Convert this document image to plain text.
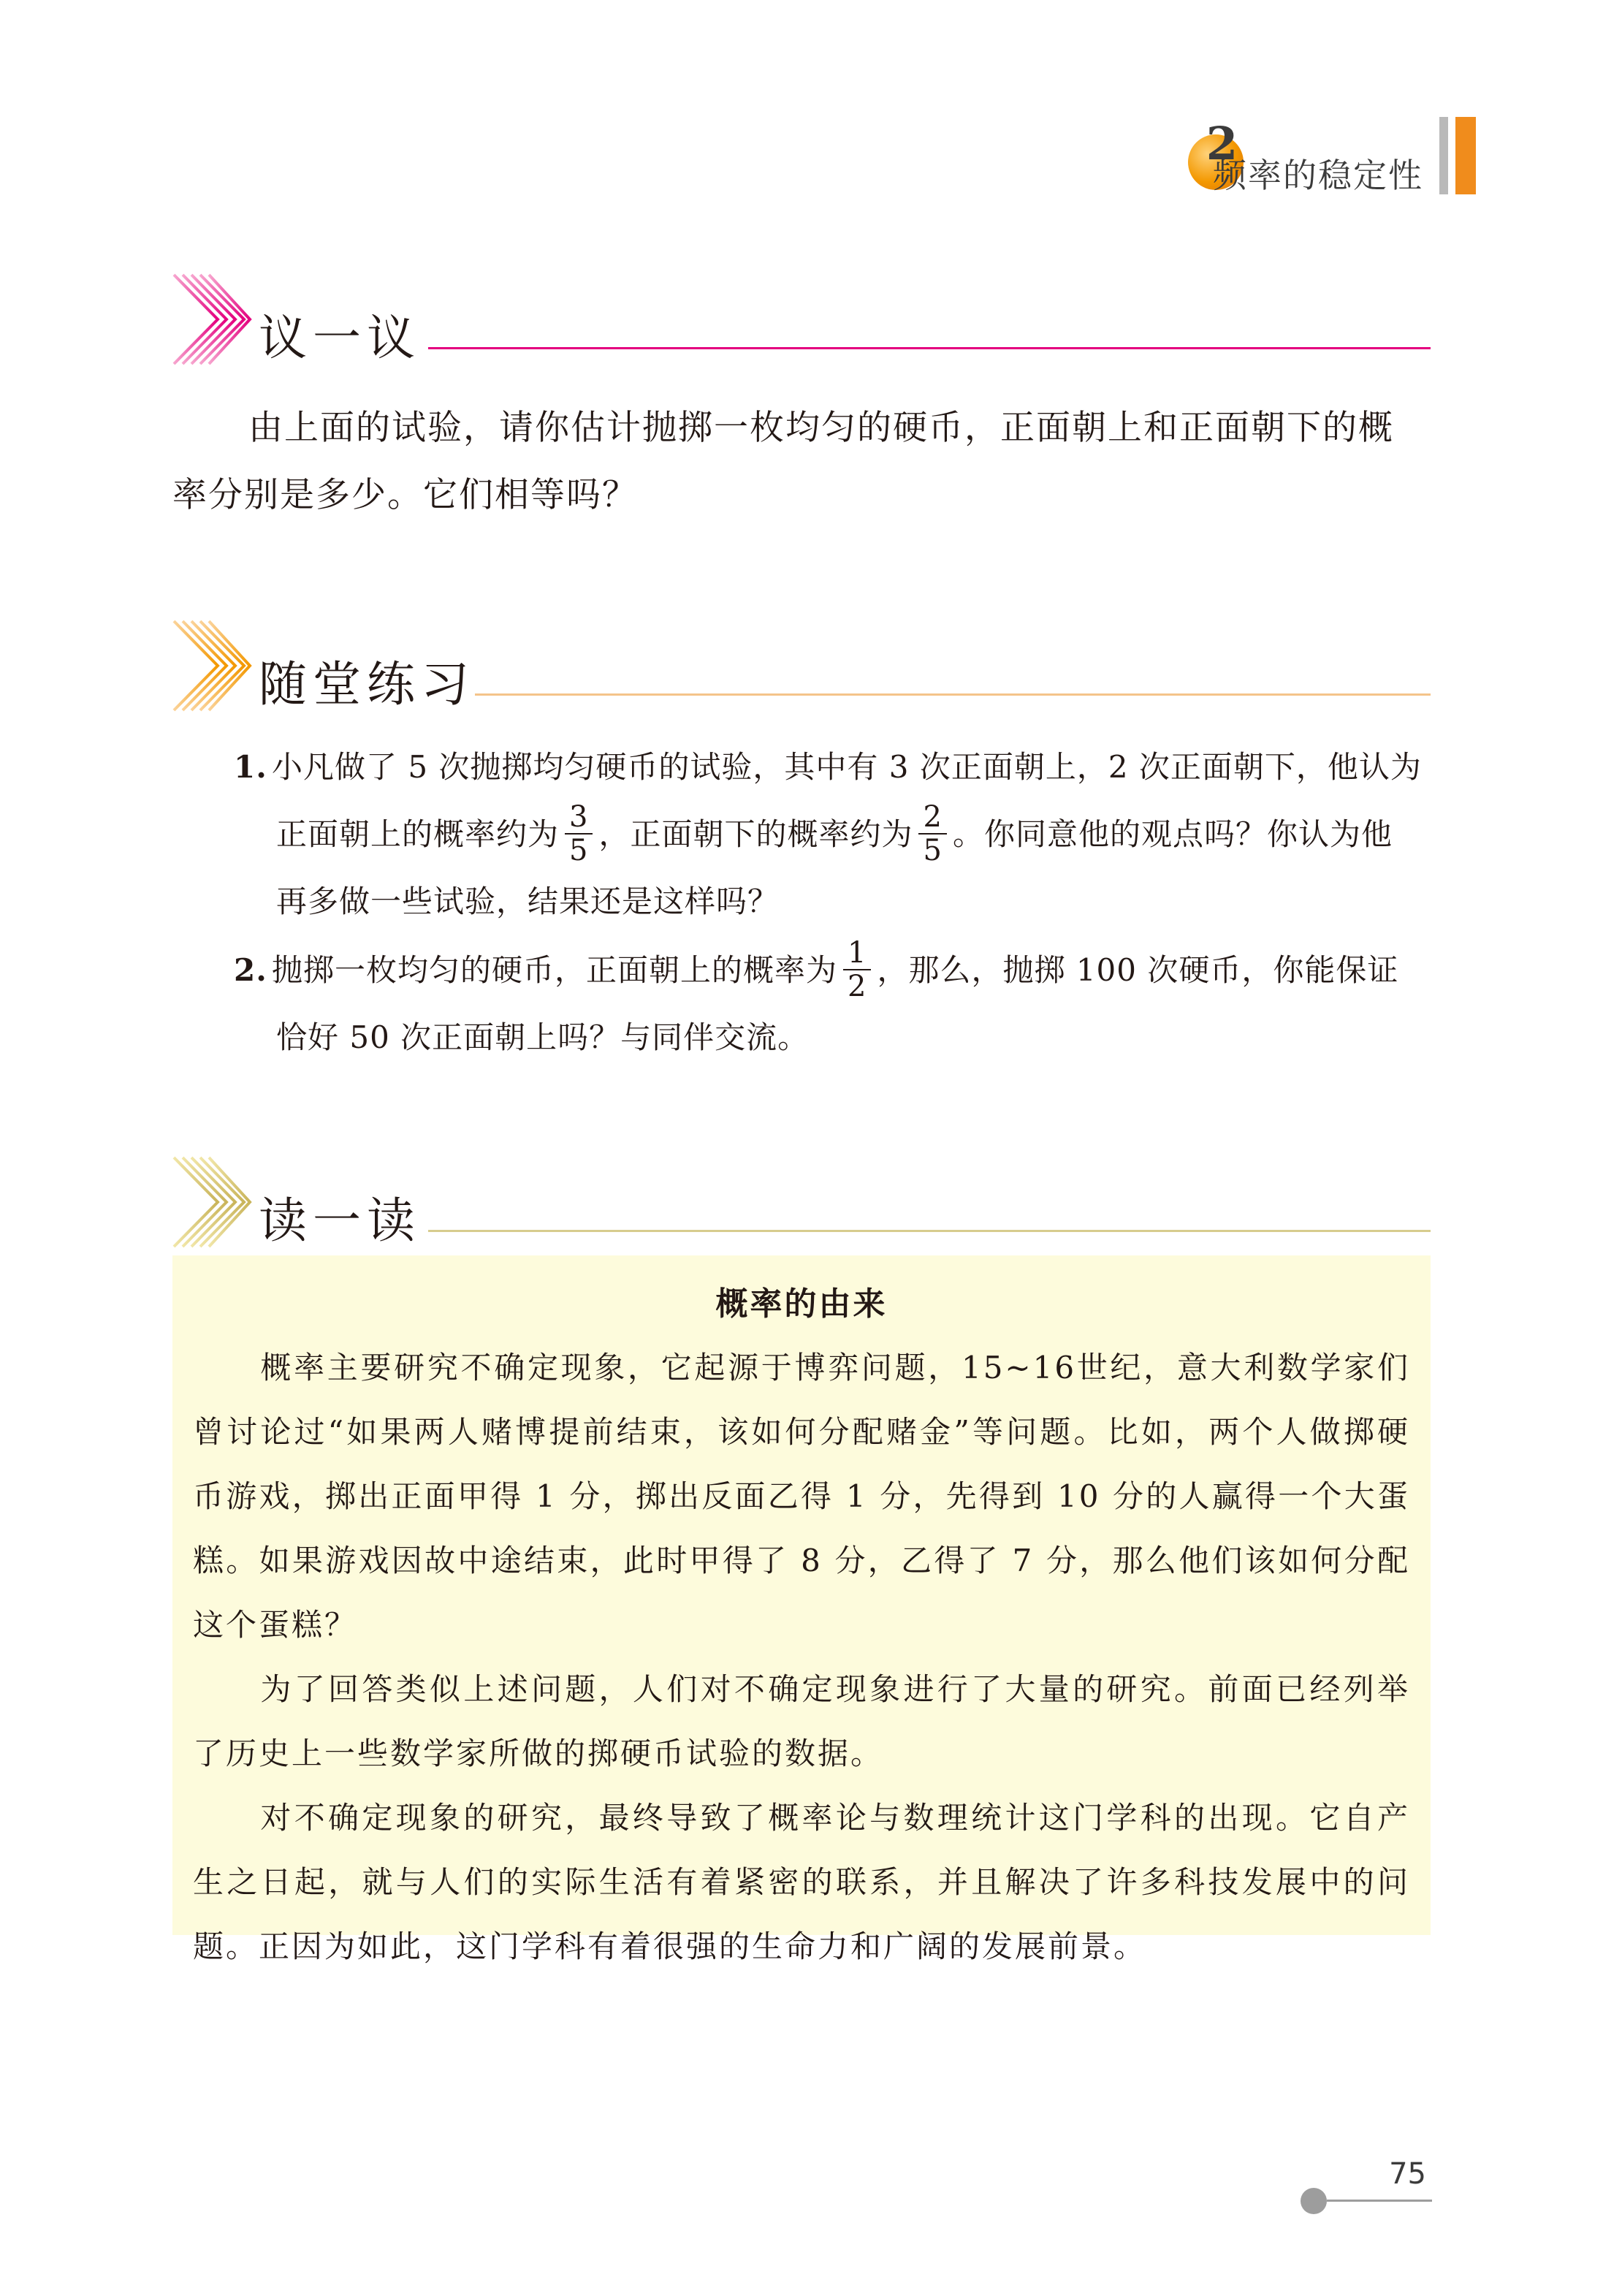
2
频率的稳定性
议一议
由上面的试验，请你估计抛掷一枚均匀的硬币，正面朝上和正面朝下的概
率分别是多少。它们相等吗？
随堂练习
1. 小凡做了 5 次抛掷均匀硬币的试验，其中有 3 次正面朝上，2 次正面朝下，他认为
正面朝上的概率约为 $\frac{3}{5}$ ，正面朝下的概率约为 $\frac{2}{5}$ 。你同意他的观点吗？你认为他
再多做一些试验，结果还是这样吗？
2. 抛掷一枚均匀的硬币，正面朝上的概率为 $\frac{1}{2}$ ，那么，抛掷 100 次硬币，你能保证
恰好 50 次正面朝上吗？与同伴交流。
读一读
概率的由来

概率主要研究不确定现象，它起源于博弈问题，15~16世纪，意大利数学家们曾讨论过“如果两人赌博提前结束，该如何分配赌金”等问题。比如，两个人做掷硬币游戏，掷出正面甲得 1 分，掷出反面乙得 1 分，先得到 10 分的人赢得一个大蛋糕。如果游戏因故中途结束，此时甲得了 8 分，乙得了 7 分，那么他们该如何分配这个蛋糕？

为了回答类似上述问题，人们对不确定现象进行了大量的研究。前面已经列举了历史上一些数学家所做的掷硬币试验的数据。

对不确定现象的研究，最终导致了概率论与数理统计这门学科的出现。它自产生之日起，就与人们的实际生活有着紧密的联系，并且解决了许多科技发展中的问题。正因为如此，这门学科有着很强的生命力和广阔的发展前景。

75
